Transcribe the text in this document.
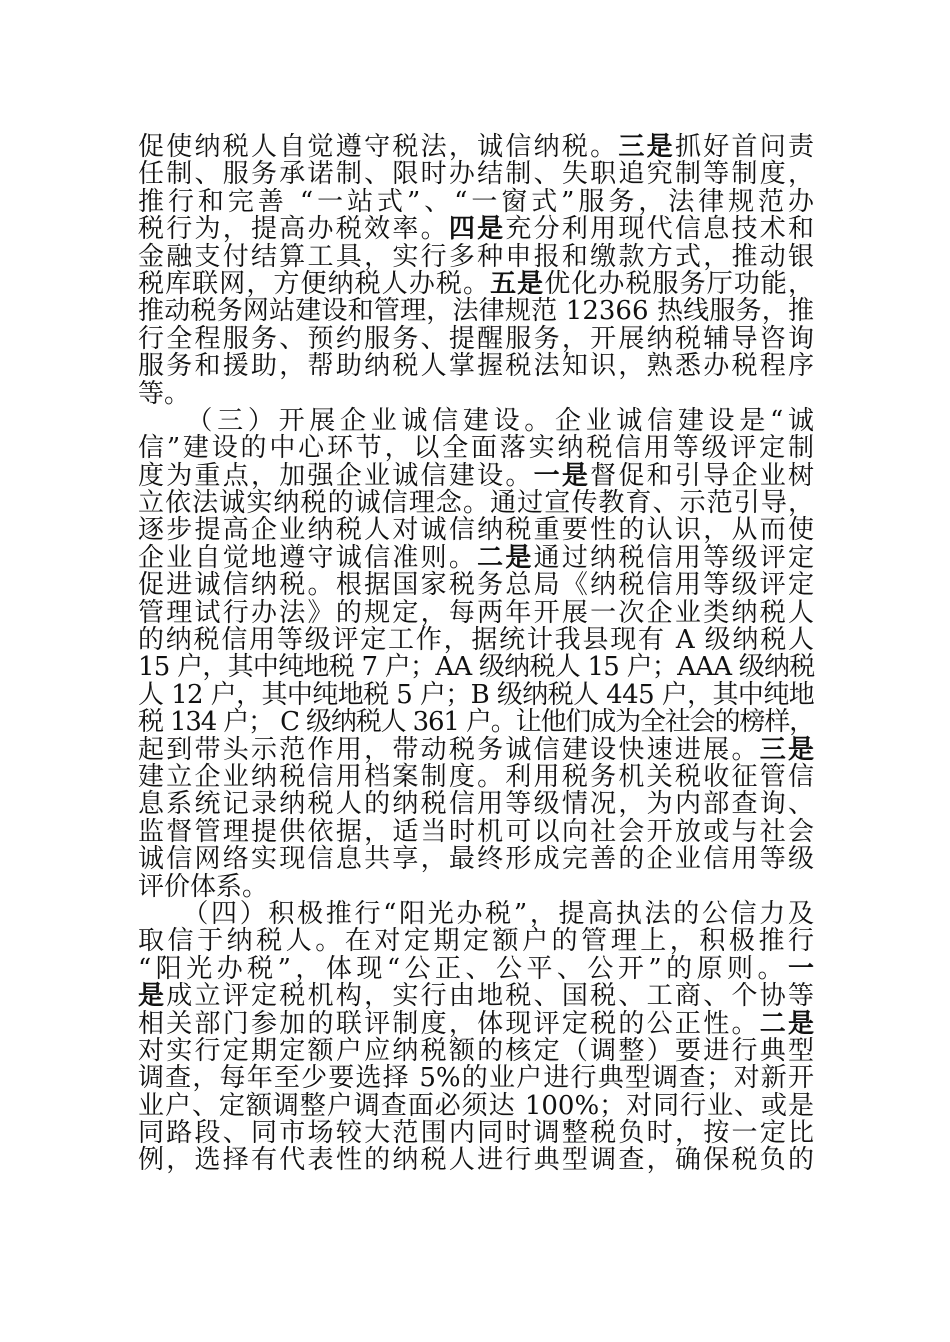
促使纳税人自觉遵守税法，诚信纳税。三是抓好首问责
任制、服务承诺制、限时办结制、失职追究制等制度，
推行和完善 “一站式”、“一窗式”服务，法律规范办
税行为，提高办税效率。四是充分利用现代信息技术和
金融支付结算工具，实行多种申报和缴款方式，推动银
税库联网，方便纳税人办税。五是优化办税服务厅功能，
推动税务网站建设和管理，法律规范 12366 热线服务，推
行全程服务、预约服务、提醒服务，开展纳税辅导咨询
服务和援助，帮助纳税人掌握税法知识，熟悉办税程序
等。
　　（三）开展企业诚信建设。企业诚信建设是“诚
信”建设的中心环节，以全面落实纳税信用等级评定制
度为重点，加强企业诚信建设。一是督促和引导企业树
立依法诚实纳税的诚信理念。通过宣传教育、示范引导，
逐步提高企业纳税人对诚信纳税重要性的认识，从而使
企业自觉地遵守诚信准则。二是通过纳税信用等级评定
促进诚信纳税。根据国家税务总局《纳税信用等级评定
管理试行办法》的规定，每两年开展一次企业类纳税人
的纳税信用等级评定工作，据统计我县现有 A 级纳税人
15 户，其中纯地税 7 户；AA 级纳税人 15 户；AAA 级纳税
人 12 户，其中纯地税 5 户；B 级纳税人 445 户，其中纯地
税 134 户； C 级纳税人 361 户。让他们成为全社会的榜样，
起到带头示范作用，带动税务诚信建设快速进展。三是
建立企业纳税信用档案制度。利用税务机关税收征管信
息系统记录纳税人的纳税信用等级情况，为内部查询、
监督管理提供依据，适当时机可以向社会开放或与社会
诚信网络实现信息共享，最终形成完善的企业信用等级
评价体系。
　　（四）积极推行“阳光办税”，提高执法的公信力及
取信于纳税人。在对定期定额户的管理上，积极推行
“阳光办税”，体现“公正、公平、公开”的原则。一
是成立评定税机构，实行由地税、国税、工商、个协等
相关部门参加的联评制度，体现评定税的公正性。二是
对实行定期定额户应纳税额的核定（调整）要进行典型
调查，每年至少要选择 5%的业户进行典型调查；对新开
业户、定额调整户调查面必须达 100%；对同行业、或是
同路段、同市场较大范围内同时调整税负时，按一定比
例，选择有代表性的纳税人进行典型调查，确保税负的
